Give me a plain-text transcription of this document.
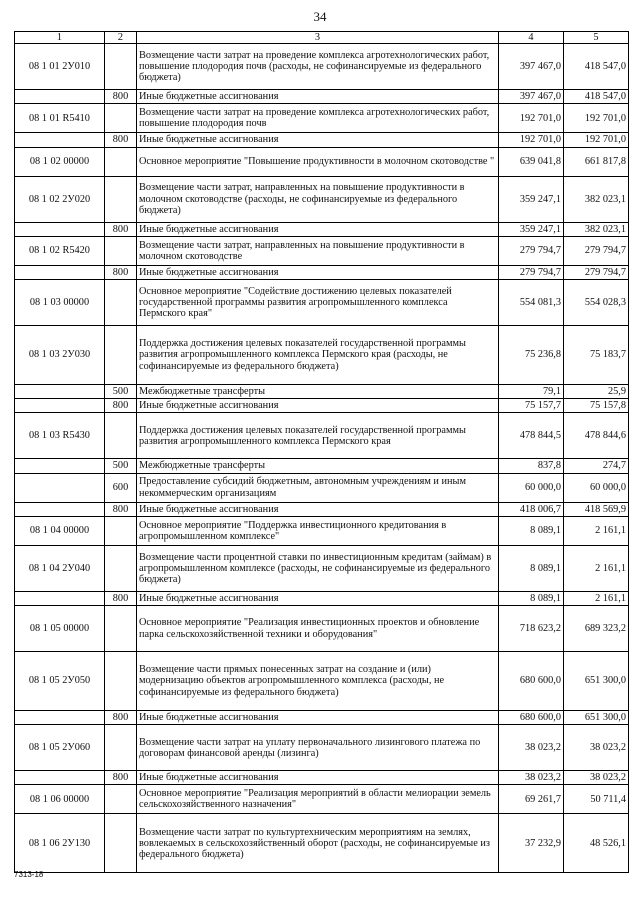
34
1	2	3	4	5
08 1 01 2У010		Возмещение части затрат на проведение комплекса агротехнологических работ, повышение плодородия почв (расходы, не софинансируемые из федерального бюджета)	397 467,0	418 547,0
	800	Иные бюджетные ассигнования	397 467,0	418 547,0
08 1 01 R5410		Возмещение части затрат на проведение комплекса агротехнологических работ, повышение плодородия почв	192 701,0	192 701,0
	800	Иные бюджетные ассигнования	192 701,0	192 701,0
08 1 02 00000		Основное мероприятие "Повышение продуктивности в молочном скотоводстве "	639 041,8	661 817,8
08 1 02 2У020		Возмещение части затрат, направленных на повышение продуктивности в молочном скотоводстве (расходы, не софинансируемые из федерального бюджета)	359 247,1	382 023,1
	800	Иные бюджетные ассигнования	359 247,1	382 023,1
08 1 02 R5420		Возмещение части затрат, направленных на повышение продуктивности в молочном скотоводстве	279 794,7	279 794,7
	800	Иные бюджетные ассигнования	279 794,7	279 794,7
08 1 03 00000		Основное мероприятие "Содействие достижению целевых показателей государственной программы развития агропромышленного комплекса Пермского края"	554 081,3	554 028,3
08 1 03 2У030		Поддержка достижения целевых показателей государственной программы развития агропромышленного комплекса Пермского края (расходы, не софинансируемые из федерального бюджета)	75 236,8	75 183,7
	500	Межбюджетные трансферты	79,1	25,9
	800	Иные бюджетные ассигнования	75 157,7	75 157,8
08 1 03 R5430		Поддержка достижения целевых показателей государственной программы развития агропромышленного комплекса Пермского края	478 844,5	478 844,6
	500	Межбюджетные трансферты	837,8	274,7
	600	Предоставление субсидий бюджетным, автономным учреждениям и иным некоммерческим организациям	60 000,0	60 000,0
	800	Иные бюджетные ассигнования	418 006,7	418 569,9
08 1 04 00000		Основное мероприятие "Поддержка инвестиционного кредитования в агропромышленном комплексе"	8 089,1	2 161,1
08 1 04 2У040		Возмещение части процентной ставки по инвестиционным кредитам (займам) в агропромышленном комплексе (расходы, не софинансируемые из федерального бюджета)	8 089,1	2 161,1
	800	Иные бюджетные ассигнования	8 089,1	2 161,1
08 1 05 00000		Основное мероприятие "Реализация инвестиционных проектов и обновление парка сельскохозяйственной техники и оборудования"	718 623,2	689 323,2
08 1 05 2У050		Возмещение части прямых понесенных затрат на создание и (или) модернизацию объектов агропромышленного комплекса (расходы, не софинансируемые из федерального бюджета)	680 600,0	651 300,0
	800	Иные бюджетные ассигнования	680 600,0	651 300,0
08 1 05 2У060		Возмещение части затрат на уплату первоначального лизингового платежа по договорам финансовой аренды (лизинга)	38 023,2	38 023,2
	800	Иные бюджетные ассигнования	38 023,2	38 023,2
08 1 06 00000		Основное мероприятие "Реализация мероприятий в области мелиорации земель сельскохозяйственного назначения"	69 261,7	50 711,4
08 1 06 2У130		Возмещение части затрат по культуртехническим мероприятиям на землях, вовлекаемых в сельскохозяйственный оборот (расходы, не софинансируемые из федерального бюджета)	37 232,9	48 526,1
7313-18
